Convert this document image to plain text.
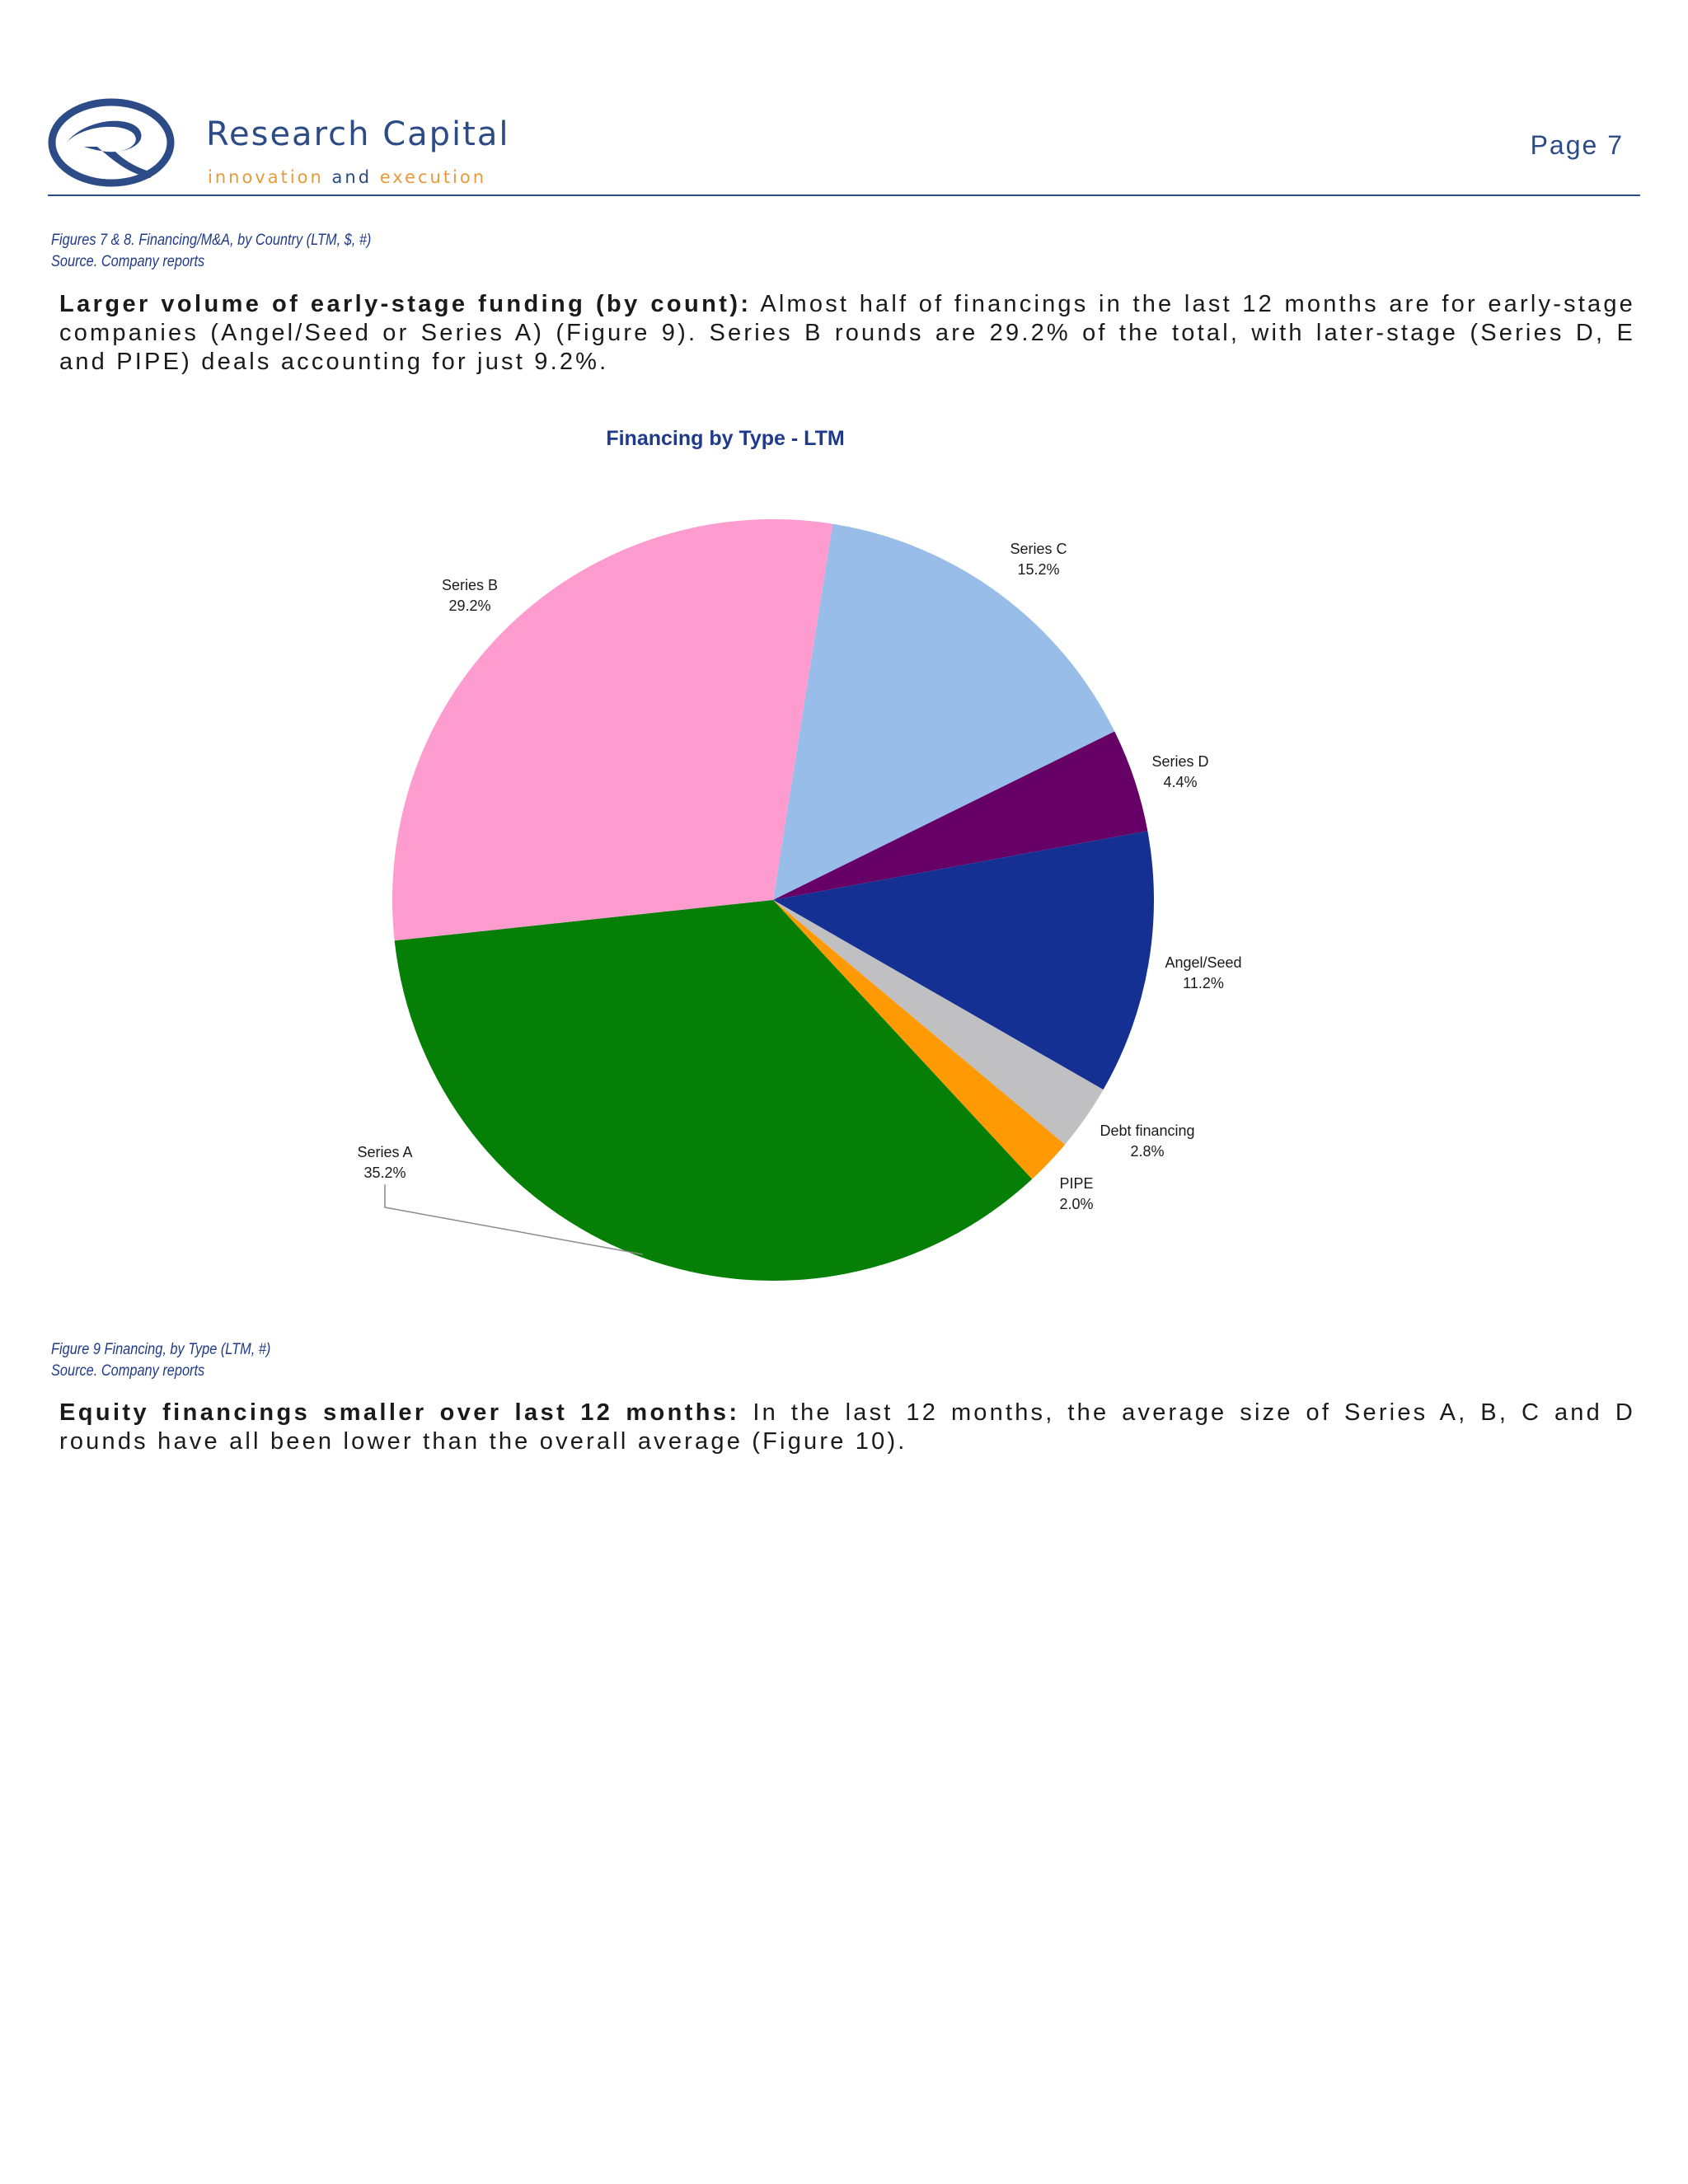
Research Capital
innovation and execution
Page 7
Figures 7 & 8. Financing/M&A, by Country (LTM, $, #)
Source. Company reports
Larger volume of early-stage funding (by count): Almost half of financings in the last 12 months are for early-stage companies (Angel/Seed or Series A) (Figure 9). Series B rounds are 29.2% of the total, with later-stage (Series D, E and PIPE) deals accounting for just 9.2%.
Financing by Type - LTM
Series C
15.2%
Series D
4.4%
Angel/Seed
11.2%
Debt financing
2.8%
PIPE
2.0%
Series A
35.2%
Series B
29.2%
Figure 9 Financing, by Type (LTM, #)
Source. Company reports
Equity financings smaller over last 12 months: In the last 12 months, the average size of Series A, B, C and D rounds have all been lower than the overall average (Figure 10).
